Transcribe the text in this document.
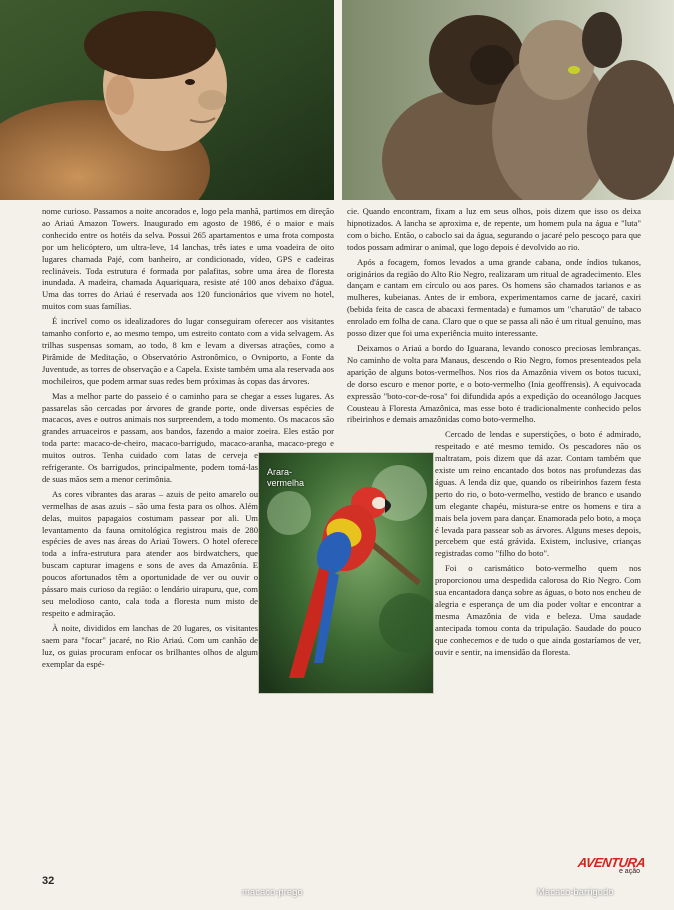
macaco-prego	Macaco-barrigudo

nome curioso. Passamos a noite ancorados e, logo pela manhã, partimos em direção ao Ariaú Amazon Towers. Inaugurado em agosto de 1986, é o maior e mais conhecido entre os hotéis da selva. Possui 265 apartamentos e uma frota composta por um helicóptero, um ultra-leve, 14 lanchas, três iates e uma voadeira de oito lugares chamada Pajé, com banheiro, ar condicionado, vídeo, GPS e cadeiras reclináveis. Toda estrutura é formada por palafitas, sobre uma área de floresta inundada. A madeira, chamada Aquariquara, resiste até 100 anos debaixo d'água. Uma das torres do Ariaú é reservada aos 120 funcionários que vivem no hotel, muitos com suas famílias.

É incrível como os idealizadores do lugar conseguiram oferecer aos visitantes tamanho conforto e, ao mesmo tempo, um estreito contato com a vida selvagem. As trilhas suspensas somam, ao todo, 8 km e levam a diversas atrações, como a Pirâmide de Meditação, o Observatório Astronômico, o Ovniporto, a Fonte da Juventude, as torres de observação e a Capela. Existe também uma ala reservada aos mochileiros, que podem armar suas redes bem próximas às copas das árvores.

Mas a melhor parte do passeio é o caminho para se chegar a esses lugares. As passarelas são cercadas por árvores de grande porte, onde diversas espécies de macacos, aves e outros animais nos surpreendem, a todo momento. Os macacos são grandes arruaceiros e passam, aos bandos, fazendo a maior zoeira. Eles estão por toda parte: macaco-de-cheiro, macaco-barrigudo, macaco-aranha, macaco-prego e muitos outros. Tenha cuidado com latas de cerveja e refrigerante. Os barrigudos, principalmente, podem tomá-las de suas mãos sem a menor cerimônia.

As cores vibrantes das araras – azuis de peito amarelo ou vermelhas de asas azuis – são uma festa para os olhos. Além delas, muitos papagaios costumam passear por ali. Um levantamento da fauna ornitológica registrou mais de 280 espécies de aves nas áreas do Ariaú Towers. O hotel oferece toda a infra-estrutura para atender aos birdwatchers, que buscam capturar imagens e sons de aves da Amazônia. E poucos afortunados têm a oportunidade de ver ou ouvir o pássaro mais curioso da região: o lendário uirapuru, que, com seu melodioso canto, cala toda a floresta num misto de respeito e admiração.

À noite, divididos em lanchas de 20 lugares, os visitantes saem para "focar" jacaré, no Rio Ariaú. Com um canhão de luz, os guias procuram enfocar os brilhantes olhos de algum exemplar da espé-

cie. Quando encontram, fixam a luz em seus olhos, pois dizem que isso os deixa hipnotizados. A lancha se aproxima e, de repente, um homem pula na água e "luta" com o bicho. Então, o caboclo sai da água, segurando o jacaré pelo pescoço para que todos possam admirar o animal, que logo depois é devolvido ao rio.

Após a focagem, fomos levados a uma grande cabana, onde índios tukanos, originários da região do Alto Rio Negro, realizaram um ritual de agradecimento. Eles dançam e cantam em círculo ou aos pares. Os homens são chamados tarianos e as mulheres, kubeianas. Antes de ir embora, experimentamos carne de jacaré, caxiri (bebida feita de casca de abacaxi fermentada) e fumamos um "charutão" de tabaco enrolado em folha de cana. Claro que o que se passa ali não é um ritual genuíno, mas posso dizer que foi uma experiência muito interessante.

Deixamos o Ariaú a bordo do Iguarana, levando conosco preciosas lembranças. No caminho de volta para Manaus, descendo o Rio Negro, fomos presenteados pela aparição de alguns botos-vermelhos. Nos rios da Amazônia vivem os botos tucuxi, de dorso escuro e menor porte, e o boto-vermelho (Inia geoffrensis). A equivocada expressão "boto-cor-de-rosa" foi difundida após a expedição do oceanólogo Jacques Cousteau à Floresta Amazônica, mas esse boto é tradicionalmente conhecido pelos ribeirinhos e demais amazônidas como boto-vermelho.

Cercado de lendas e superstições, o boto é admirado, respeitado e até mesmo temido. Os pescadores não os maltratam, pois dizem que dá azar. Contam também que existe um reino encantado dos botos nas profundezas das águas. A lenda diz que, quando os ribeirinhos fazem festa perto do rio, o boto-vermelho, vestido de branco e usando um elegante chapéu, mistura-se entre os homens e tira a mais bela jovem para dançar. Enamorada pelo boto, a moça é levada para passear sob as árvores. Alguns meses depois, percebem que está grávida. Existem, inclusive, crianças registradas como "filho do boto".

Foi o carismático boto-vermelho quem nos proporcionou uma despedida calorosa do Rio Negro. Com sua encantadora dança sobre as águas, o boto nos encheu de alegria e esperança de um dia poder voltar e encontrar a mesma Amazônia de vida e beleza. Uma saudade antecipada tomou conta da tripulação. Saudade do pouco que conhecemos e de tudo o que ainda gostaríamos de ver, ouvir e sentir, na imensidão da floresta.

Arara-vermelha
32
AVENTURA
e ação
